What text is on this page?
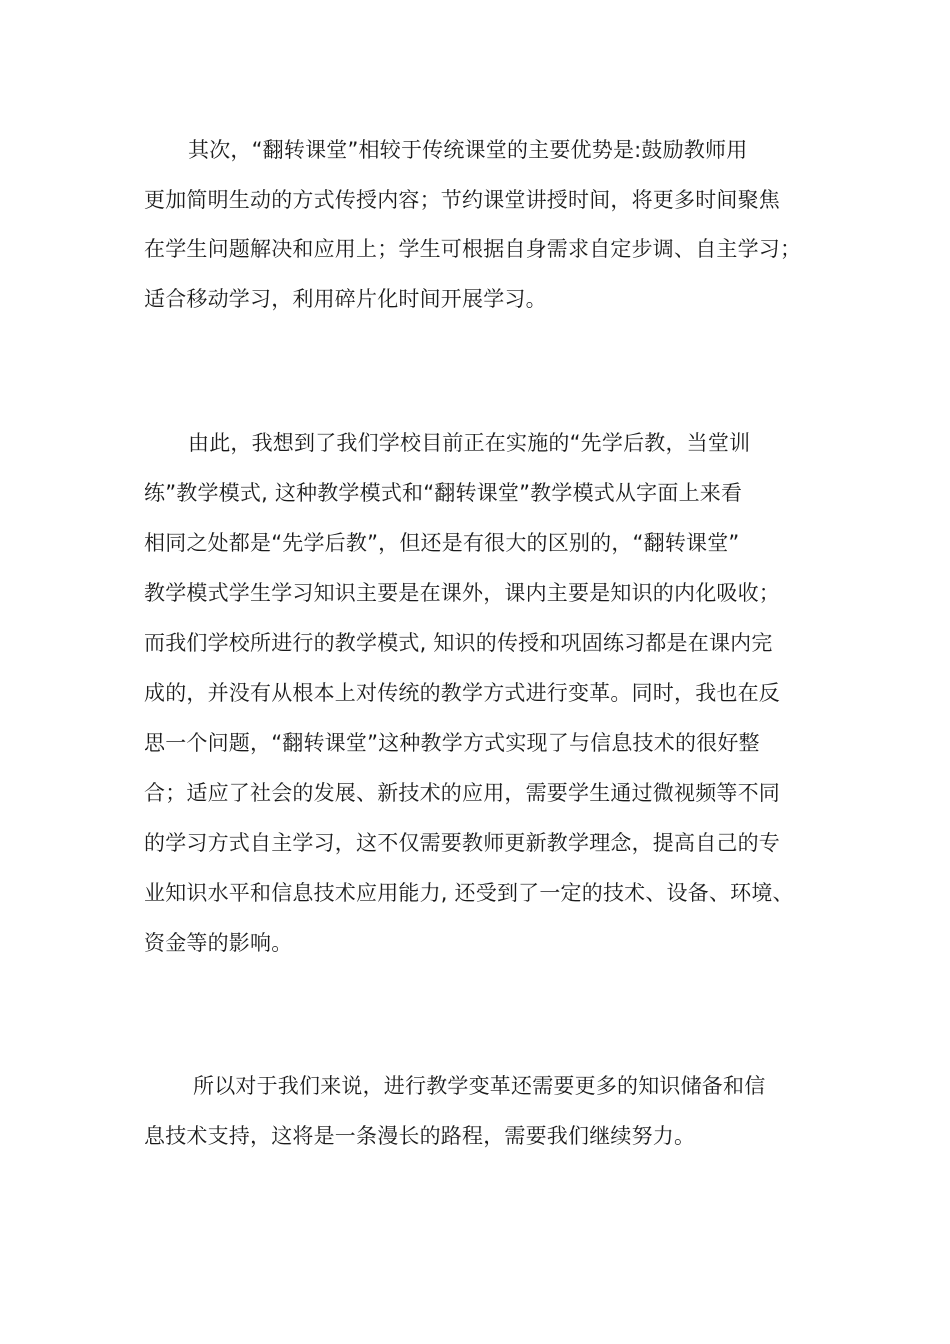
其次，“翻转课堂”相较于传统课堂的主要优势是:鼓励教师用
更加简明生动的方式传授内容；节约课堂讲授时间，将更多时间聚焦
在学生问题解决和应用上；学生可根据自身需求自定步调、自主学习；
适合移动学习，利用碎片化时间开展学习。
由此，我想到了我们学校目前正在实施的“先学后教，当堂训
练”教学模式, 这种教学模式和“翻转课堂”教学模式从字面上来看
相同之处都是“先学后教”，但还是有很大的区别的，“翻转课堂”
教学模式学生学习知识主要是在课外，课内主要是知识的内化吸收；
而我们学校所进行的教学模式, 知识的传授和巩固练习都是在课内完
成的，并没有从根本上对传统的教学方式进行变革。同时，我也在反
思一个问题，“翻转课堂”这种教学方式实现了与信息技术的很好整
合；适应了社会的发展、新技术的应用，需要学生通过微视频等不同
的学习方式自主学习，这不仅需要教师更新教学理念，提高自己的专
业知识水平和信息技术应用能力, 还受到了一定的技术、设备、环境、
资金等的影响。
所以对于我们来说，进行教学变革还需要更多的知识储备和信
息技术支持，这将是一条漫长的路程，需要我们继续努力。
